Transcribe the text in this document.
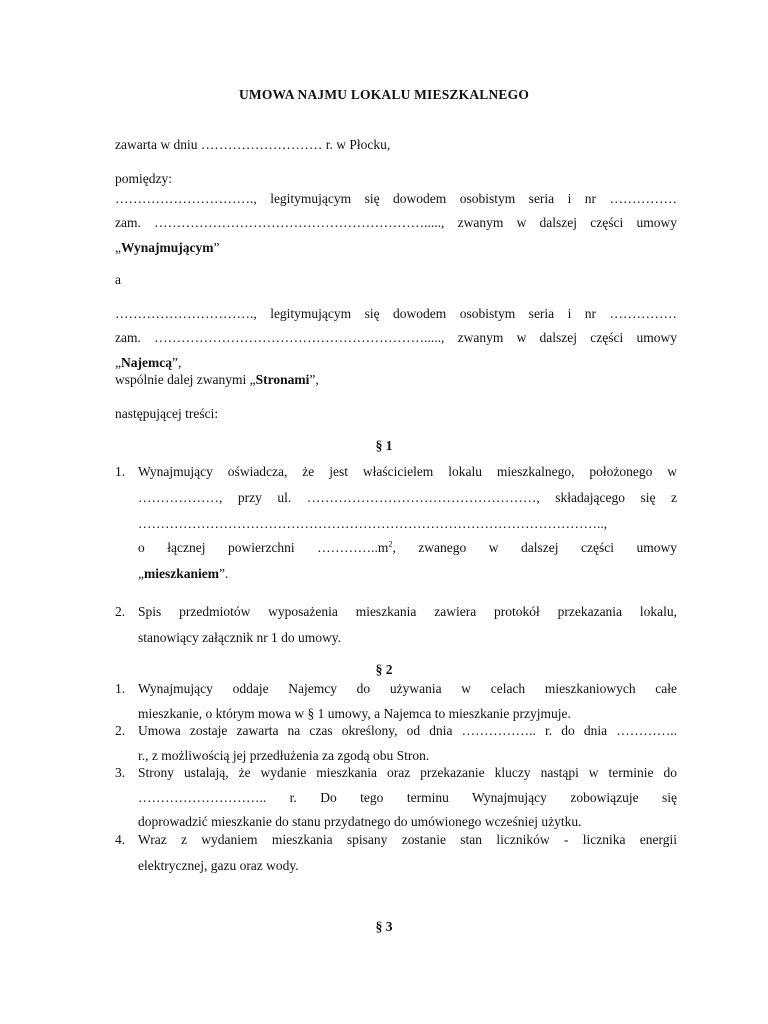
UMOWA NAJMU LOKALU MIESZKALNEGO
zawarta w dniu ……………………… r. w Płocku,
pomiędzy:
…………………………., legitymującym się dowodem osobistym seria i nr ……………
zam. ……………………………………………………....., zwanym w dalszej części umowy
„Wynajmującym”
a
…………………………., legitymującym się dowodem osobistym seria i nr ……………
zam. ……………………………………………………....., zwanym w dalszej części umowy
„Najemcą”,
wspólnie dalej zwanymi „Stronami”,
następującej treści:
§ 1
1. Wynajmujący oświadcza, że jest właścicielem lokalu mieszkalnego, położonego w
………………, przy ul. ……………………………………………, składającego się z
…………………………………………………………………………………………..,
o łącznej powierzchni $\dots\dots\dots\dots..m^2$, zwanego w dalszej części umowy
„mieszkaniem”.
2. Spis przedmiotów wyposażenia mieszkania zawiera protokół przekazania lokalu,
stanowiący załącznik nr 1 do umowy.
§ 2
1. Wynajmujący oddaje Najemcy do używania w celach mieszkaniowych całe
mieszkanie, o którym mowa w § 1 umowy, a Najemca to mieszkanie przyjmuje.
2. Umowa zostaje zawarta na czas określony, od dnia …………….. r. do dnia …………..
r., z możliwością jej przedłużenia za zgodą obu Stron.
3. Strony ustalają, że wydanie mieszkania oraz przekazanie kluczy nastąpi w terminie do
……………………….. r. Do tego terminu Wynajmujący zobowiązuje się
doprowadzić mieszkanie do stanu przydatnego do umówionego wcześniej użytku.
4. Wraz z wydaniem mieszkania spisany zostanie stan liczników - licznika energii
elektrycznej, gazu oraz wody.
§ 3
